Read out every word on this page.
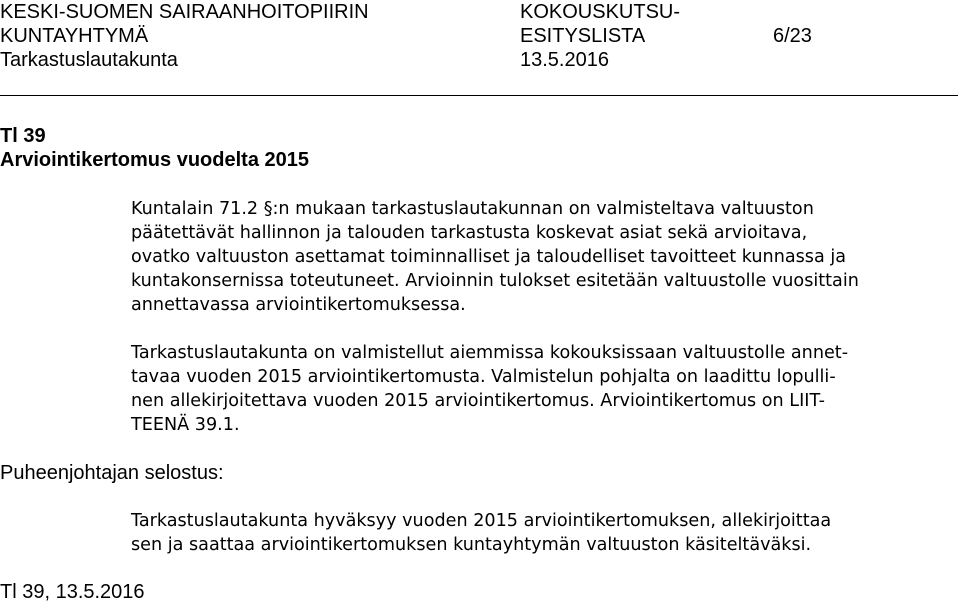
KESKI-SUOMEN SAIRAANHOITOPIIRIN
KUNTAYHTYMÄ
Tarkastuslautakunta
KOKOUSKUTSU-
ESITYSLISTA
13.5.2016
6/23
Tl 39
Arviointikertomus vuodelta 2015
Kuntalain 71.2 §:n mukaan tarkastuslautakunnan on valmisteltava valtuuston
päätettävät hallinnon ja talouden tarkastusta koskevat asiat sekä arvioitava,
ovatko valtuuston asettamat toiminnalliset ja taloudelliset tavoitteet kunnassa ja
kuntakonsernissa toteutuneet. Arvioinnin tulokset esitetään valtuustolle vuosittain
annettavassa arviointikertomuksessa.
Tarkastuslautakunta on valmistellut aiemmissa kokouksissaan valtuustolle annet-
tavaa vuoden 2015 arviointikertomusta. Valmistelun pohjalta on laadittu lopulli-
nen allekirjoitettava vuoden 2015 arviointikertomus. Arviointikertomus on LIIT-
TEENÄ 39.1.
Puheenjohtajan selostus:
Tarkastuslautakunta hyväksyy vuoden 2015 arviointikertomuksen, allekirjoittaa
sen ja saattaa arviointikertomuksen kuntayhtymän valtuuston käsiteltäväksi.
Tl 39, 13.5.2016
